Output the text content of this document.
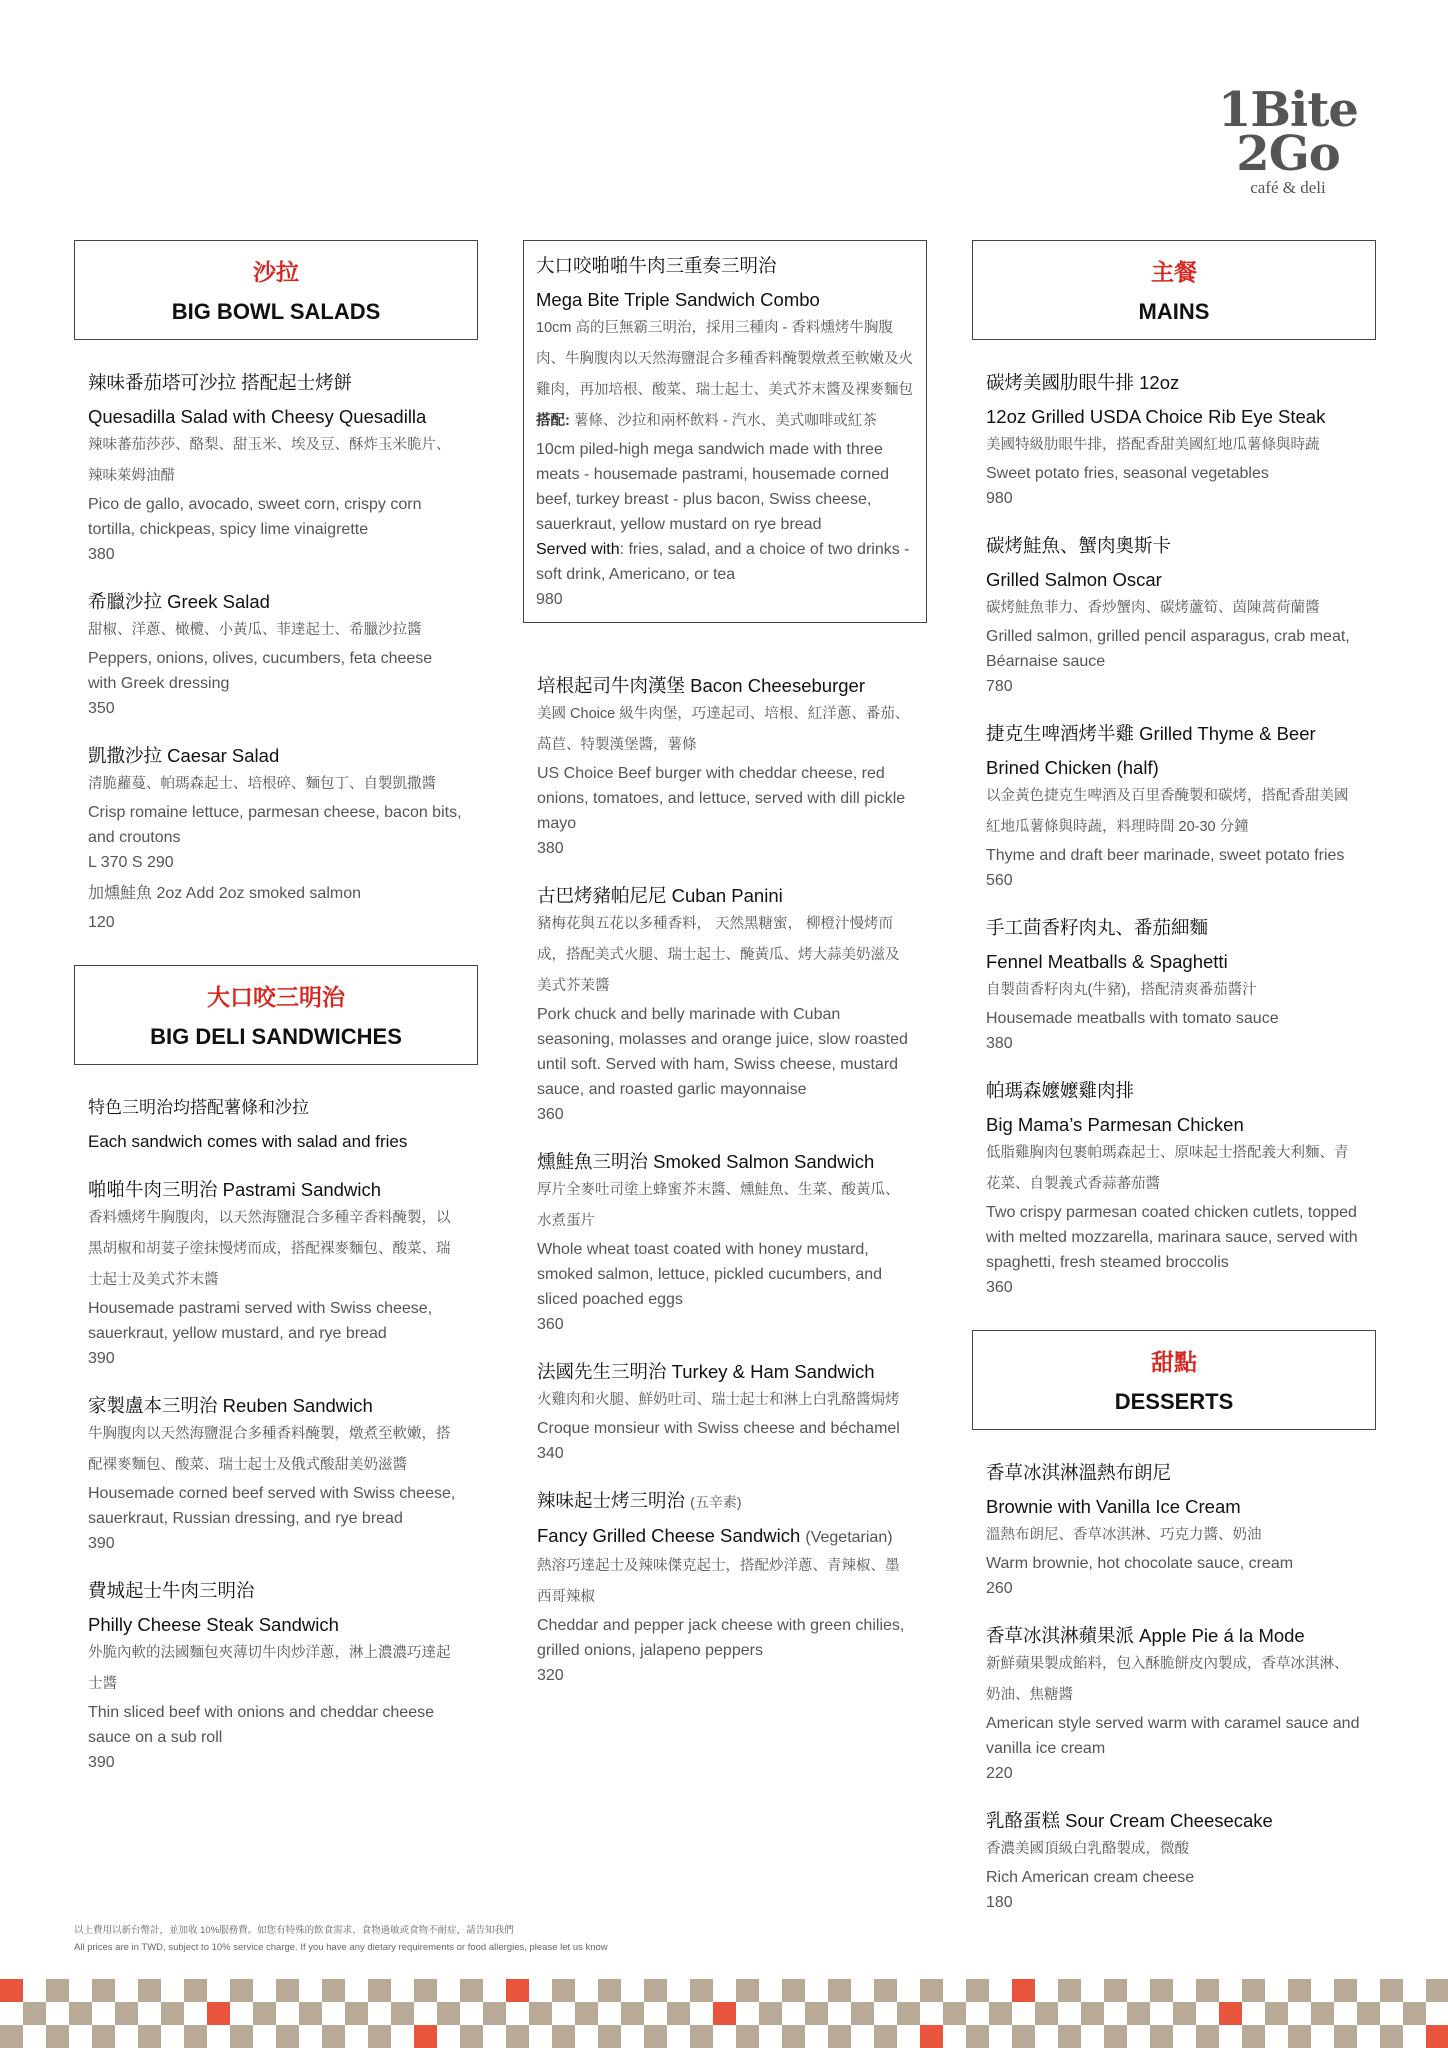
1Bite
2Go
café & deli
沙拉
BIG BOWL SALADS
辣味番茄塔可沙拉 搭配起士烤餅
Quesadilla Salad with Cheesy Quesadilla
辣味蕃茄莎莎、酪梨、甜玉米、埃及豆、酥炸玉米脆片、辣味萊姆油醋
Pico de gallo, avocado, sweet corn, crispy corn tortilla, chickpeas, spicy lime vinaigrette
380
希臘沙拉 Greek Salad
甜椒、洋蔥、橄欖、小黃瓜、菲達起士、希臘沙拉醬
Peppers, onions, olives, cucumbers, feta cheese with Greek dressing
350
凱撒沙拉 Caesar Salad
清脆蘿蔓、帕瑪森起士、培根碎、麵包丁、自製凱撒醬
Crisp romaine lettuce, parmesan cheese, bacon bits, and croutons
L 370 S 290
加燻鮭魚 2oz Add 2oz smoked salmon
120
大口咬三明治
BIG DELI SANDWICHES
特色三明治均搭配薯條和沙拉
Each sandwich comes with salad and fries
啪啪牛肉三明治 Pastrami Sandwich
香料燻烤牛胸腹肉，以天然海鹽混合多種辛香料醃製，以黑胡椒和胡荽子塗抹慢烤而成，搭配裸麥麵包、酸菜、瑞士起士及美式芥末醬
Housemade pastrami served with Swiss cheese, sauerkraut, yellow mustard, and rye bread
390
家製盧本三明治 Reuben Sandwich
牛胸腹肉以天然海鹽混合多種香料醃製，燉煮至軟嫩，搭配裸麥麵包、酸菜、瑞士起士及俄式酸甜美奶滋醬
Housemade corned beef served with Swiss cheese, sauerkraut, Russian dressing, and rye bread
390
費城起士牛肉三明治
Philly Cheese Steak Sandwich
外脆內軟的法國麵包夾薄切牛肉炒洋蔥，淋上濃濃巧達起士醬
Thin sliced beef with onions and cheddar cheese sauce on a sub roll
390
大口咬啪啪牛肉三重奏三明治
Mega Bite Triple Sandwich Combo
10cm 高的巨無霸三明治，採用三種肉 - 香料燻烤牛胸腹肉、牛胸腹肉以天然海鹽混合多種香料醃製燉煮至軟嫩及火雞肉，再加培根、酸菜、瑞士起士、美式芥末醬及裸麥麵包
搭配: 薯條、沙拉和兩杯飲料 - 汽水、美式咖啡或紅茶
10cm piled-high mega sandwich made with three meats - housemade pastrami, housemade corned beef, turkey breast - plus bacon, Swiss cheese, sauerkraut, yellow mustard on rye bread
Served with: fries, salad, and a choice of two drinks - soft drink, Americano, or tea
980
培根起司牛肉漢堡 Bacon Cheeseburger
美國 Choice 級牛肉堡，巧達起司、培根、紅洋蔥、番茄、萵苣、特製漢堡醬，薯條
US Choice Beef burger with cheddar cheese, red onions, tomatoes, and lettuce, served with dill pickle mayo
380
古巴烤豬帕尼尼 Cuban Panini
豬梅花與五花以多種香料， 天然黑糖蜜， 柳橙汁慢烤而成，搭配美式火腿、瑞士起士、醃黃瓜、烤大蒜美奶滋及美式芥茉醬
Pork chuck and belly marinade with Cuban seasoning, molasses and orange juice, slow roasted until soft. Served with ham, Swiss cheese, mustard sauce, and roasted garlic mayonnaise
360
燻鮭魚三明治 Smoked Salmon Sandwich
厚片全麥吐司塗上蜂蜜芥末醬、燻鮭魚、生菜、酸黃瓜、水煮蛋片
Whole wheat toast coated with honey mustard, smoked salmon, lettuce, pickled cucumbers, and sliced poached eggs
360
法國先生三明治 Turkey & Ham Sandwich
火雞肉和火腿、鮮奶吐司、瑞士起士和淋上白乳酪醬焗烤
Croque monsieur with Swiss cheese and béchamel
340
辣味起士烤三明治 (五辛素)
Fancy Grilled Cheese Sandwich (Vegetarian)
熱溶巧達起士及辣味傑克起士，搭配炒洋蔥、青辣椒、墨西哥辣椒
Cheddar and pepper jack cheese with green chilies, grilled onions, jalapeno peppers
320
主餐
MAINS
碳烤美國肋眼牛排 12oz
12oz Grilled USDA Choice Rib Eye Steak
美國特級肋眼牛排，搭配香甜美國紅地瓜薯條與時蔬
Sweet potato fries, seasonal vegetables
980
碳烤鮭魚、蟹肉奧斯卡
Grilled Salmon Oscar
碳烤鮭魚菲力、香炒蟹肉、碳烤蘆筍、茵陳蒿荷蘭醬
Grilled salmon, grilled pencil asparagus, crab meat, Béarnaise sauce
780
捷克生啤酒烤半雞 Grilled Thyme & Beer
Brined Chicken (half)
以金黃色捷克生啤酒及百里香醃製和碳烤，搭配香甜美國紅地瓜薯條與時蔬，料理時間 20-30 分鐘
Thyme and draft beer marinade, sweet potato fries
560
手工茴香籽肉丸、番茄細麵
Fennel Meatballs & Spaghetti
自製茴香籽肉丸(牛豬)，搭配清爽番茄醬汁
Housemade meatballs with tomato sauce
380
帕瑪森嬤嬤雞肉排
Big Mama’s Parmesan Chicken
低脂雞胸肉包裹帕瑪森起士、原味起士搭配義大利麵、青花菜、自製義式香蒜蕃茄醬
Two crispy parmesan coated chicken cutlets, topped with melted mozzarella, marinara sauce, served with spaghetti, fresh steamed broccolis
360
甜點
DESSERTS
香草冰淇淋溫熱布朗尼
Brownie with Vanilla Ice Cream
溫熱布朗尼、香草冰淇淋、巧克力醬、奶油
Warm brownie, hot chocolate sauce, cream
260
香草冰淇淋蘋果派 Apple Pie á la Mode
新鮮蘋果製成餡料，包入酥脆餅皮內製成，香草冰淇淋、奶油、焦糖醬
American style served warm with caramel sauce and vanilla ice cream
220
乳酪蛋糕 Sour Cream Cheesecake
香濃美國頂級白乳酪製成，微酸
Rich American cream cheese
180
以上費用以新台幣計，並加收 10%服務費。如您有特殊的飲食需求、食物過敏或食物不耐症，請告知我們
All prices are in TWD, subject to 10% service charge. If you have any dietary requirements or food allergies, please let us know
